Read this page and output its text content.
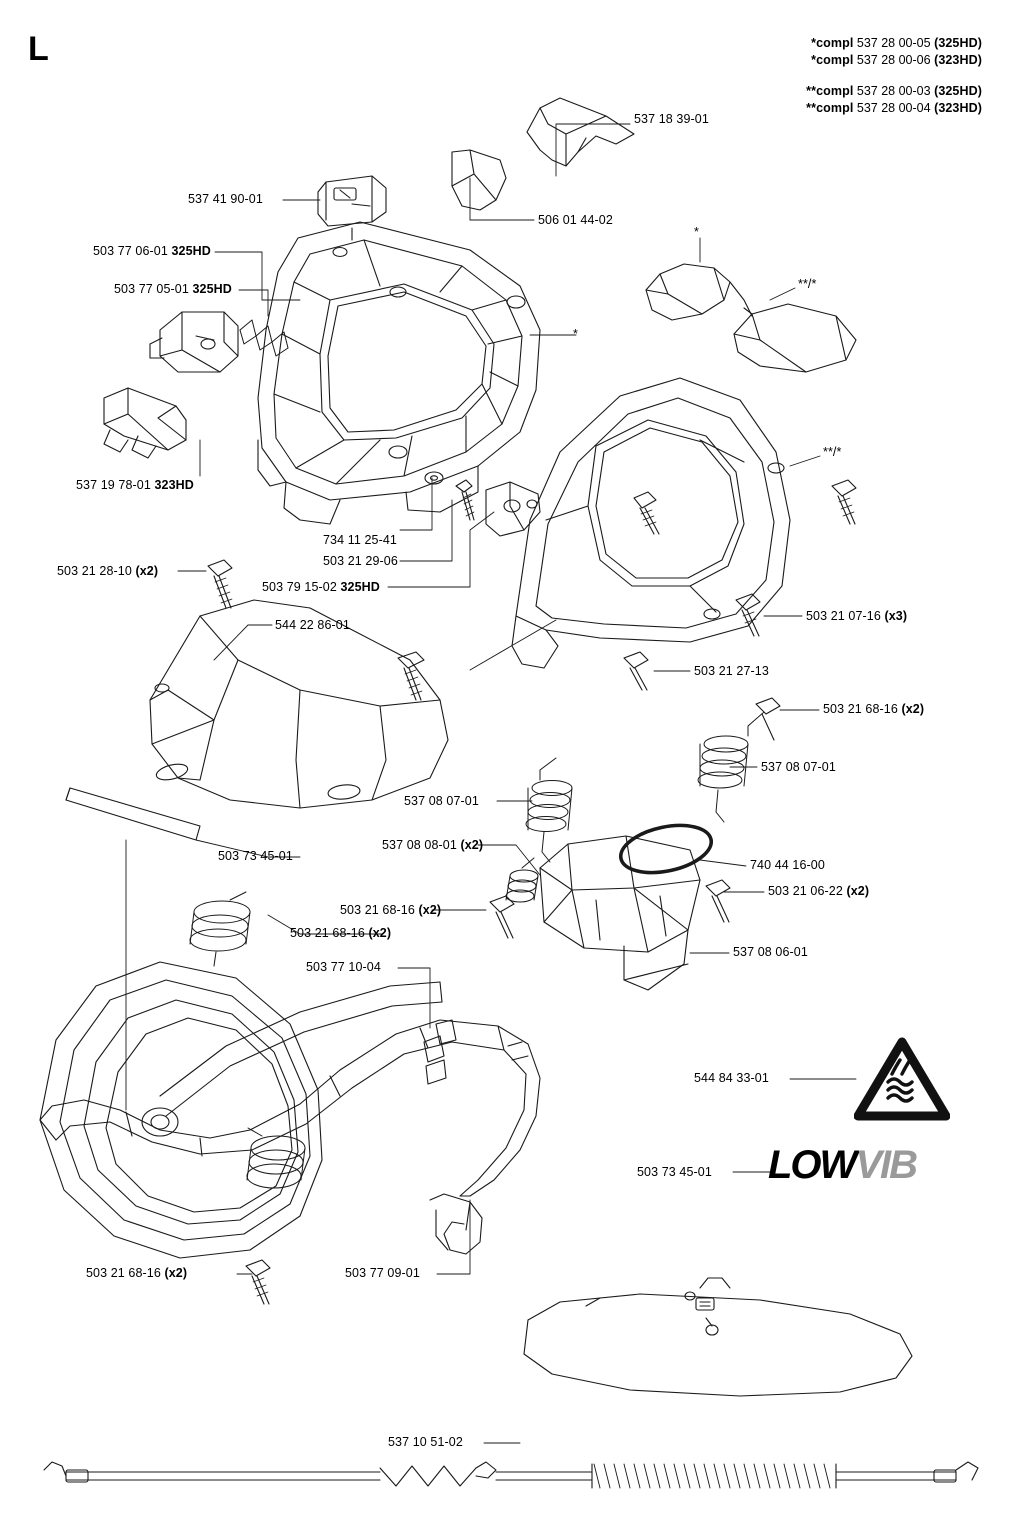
L	*compl 537 28 00-05 (325HD)
*compl 537 28 00-06 (323HD)
**compl 537 28 00-03 (325HD)
**compl 537 28 00-04 (323HD)
LOWVIB
537 18 39-01
537 41 90-01
506 01 44-02
503 77 06-01 325HD
503 77 05-01 325HD
537 19 78-01 323HD
734 11 25-41
503 21 29-06
503 79 15-02 325HD
503 21 28-10 (x2)
544 22 86-01
503 21 07-16 (x3)
503 21 27-13
503 21 68-16 (x2)
537 08 07-01
537 08 07-01
537 08 08-01 (x2)
503 73 45-01
740 44 16-00
503 21 06-22 (x2)
503 21 68-16 (x2)
503 21 68-16 (x2)
537 08 06-01
503 77 10-04
544 84 33-01
503 73 45-01
503 21 68-16 (x2)	503 77 09-01
537 10 51-02
*
*
**/*
**/*
